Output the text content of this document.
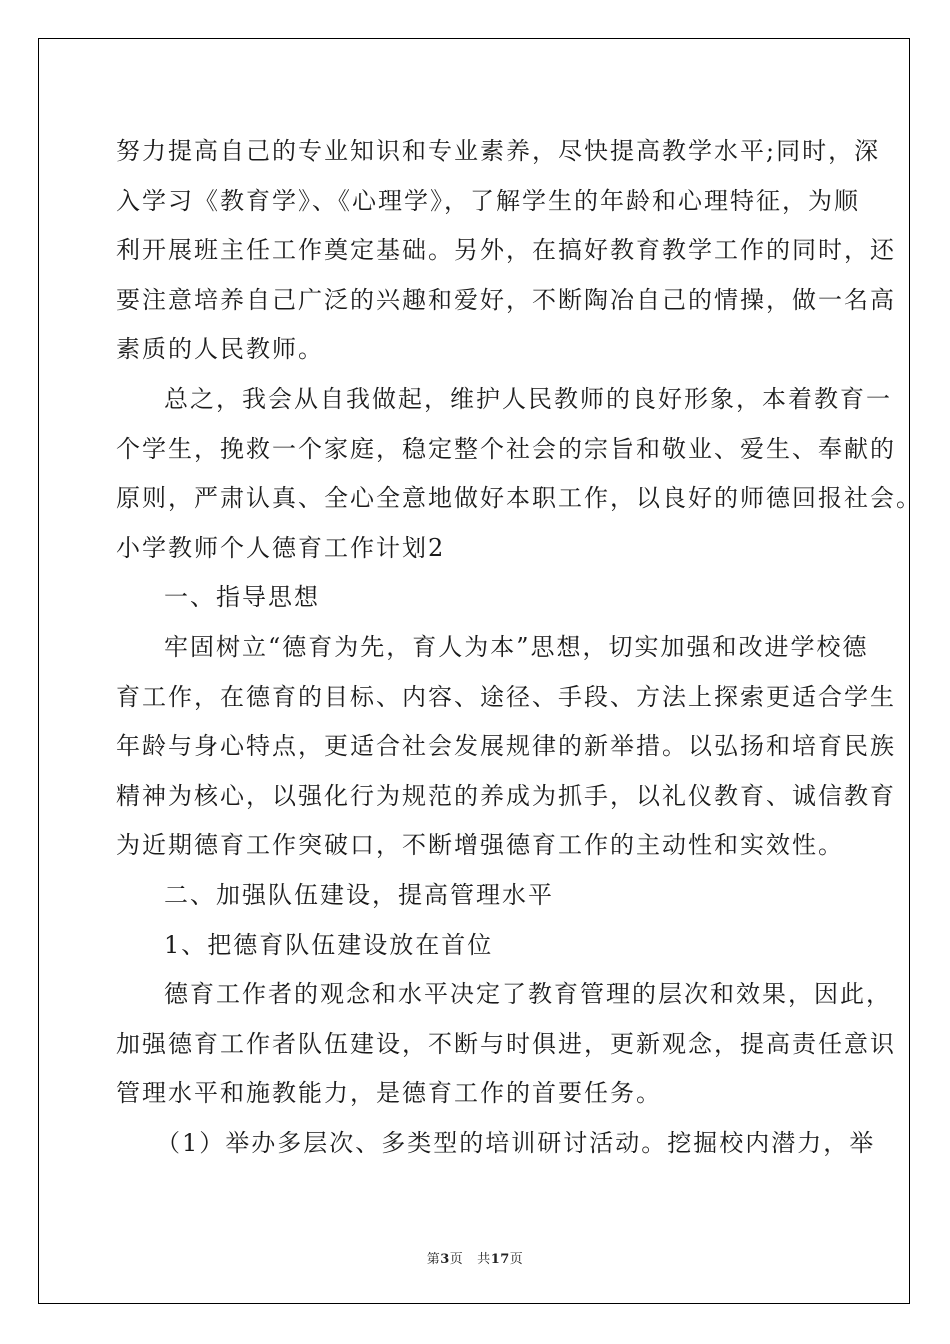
努力提高自己的专业知识和专业素养，尽快提高教学水平;同时，深
入学习《教育学》、《心理学》，了解学生的年龄和心理特征，为顺
利开展班主任工作奠定基础。另外，在搞好教育教学工作的同时，还
要注意培养自己广泛的兴趣和爱好，不断陶冶自己的情操，做一名高
素质的人民教师。
总之，我会从自我做起，维护人民教师的良好形象，本着教育一
个学生，挽救一个家庭，稳定整个社会的宗旨和敬业、爱生、奉献的
原则，严肃认真、全心全意地做好本职工作，以良好的师德回报社会。
小学教师个人德育工作计划2
一、指导思想
牢固树立“德育为先，育人为本”思想，切实加强和改进学校德
育工作，在德育的目标、内容、途径、手段、方法上探索更适合学生
年龄与身心特点，更适合社会发展规律的新举措。以弘扬和培育民族
精神为核心，以强化行为规范的养成为抓手，以礼仪教育、诚信教育
为近期德育工作突破口，不断增强德育工作的主动性和实效性。
二、加强队伍建设，提高管理水平
1、把德育队伍建设放在首位
德育工作者的观念和水平决定了教育管理的层次和效果，因此，
加强德育工作者队伍建设，不断与时俱进，更新观念，提高责任意识
管理水平和施教能力，是德育工作的首要任务。
（1）举办多层次、多类型的培训研讨活动。挖掘校内潜力，举
第3页 共17页
